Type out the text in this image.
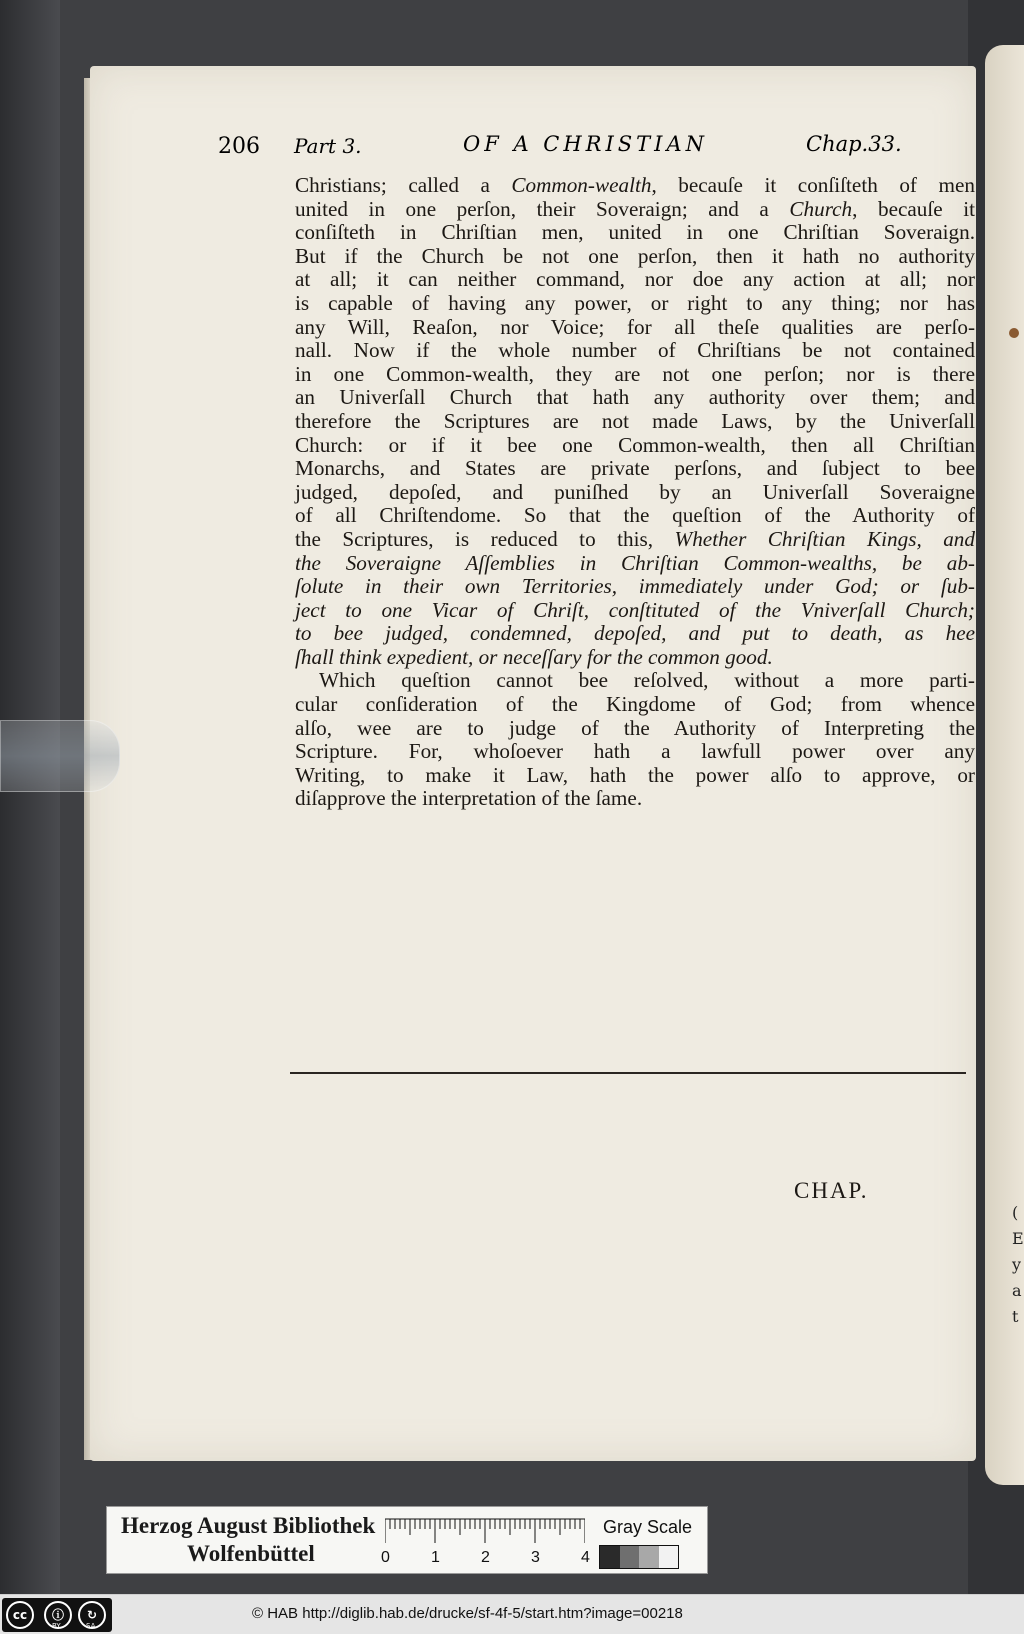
(
E
y
a
t
206 Part 3.	OF A CHRISTIAN	Chap.33.

Christians; called a Common-wealth, becauſe it conſiſteth of men
united in one perſon, their Soveraign; and a Church, becauſe it
conſiſteth in Chriſtian men, united in one Chriſtian Soveraign.
But if the Church be not one perſon, then it hath no authority
at all; it can neither command, nor doe any action at all; nor
is capable of having any power, or right to any thing; nor has
any Will, Reaſon, nor Voice; for all theſe qualities are perſo-
nall. Now if the whole number of Chriſtians be not contained
in one Common-wealth, they are not one perſon; nor is there
an Univerſall Church that hath any authority over them; and
therefore the Scriptures are not made Laws, by the Univerſall
Church: or if it bee one Common-wealth, then all Chriſtian
Monarchs, and States are private perſons, and ſubject to bee
judged, depoſed, and puniſhed by an Univerſall Soveraigne
of all Chriſtendome. So that the queſtion of the Authority of
the Scriptures, is reduced to this, Whether Chriſtian Kings, and
the Soveraigne Aſſemblies in Chriſtian Common-wealths, be ab-
ſolute in their own Territories, immediately under God; or ſub-
ject to one Vicar of Chriſt, conſtituted of the Vniverſall Church;
to bee judged, condemned, depoſed, and put to death, as hee
ſhall think expedient, or neceſſary for the common good.
Which queſtion cannot bee reſolved, without a more parti-
cular conſideration of the Kingdome of God; from whence
alſo, wee are to judge of the Authority of Interpreting the
Scripture. For, whoſoever hath a lawfull power over any
Writing, to make it Law, hath the power alſo to approve, or
diſapprove the interpretation of the ſame.
CHAP.
Herzog August Bibliothek
Wolfenbüttel	0	1	2	3	4
Gray Scale
cc	ⓘ	↻
BY	SA
© HAB http://diglib.hab.de/drucke/sf-4f-5/start.htm?image=00218
